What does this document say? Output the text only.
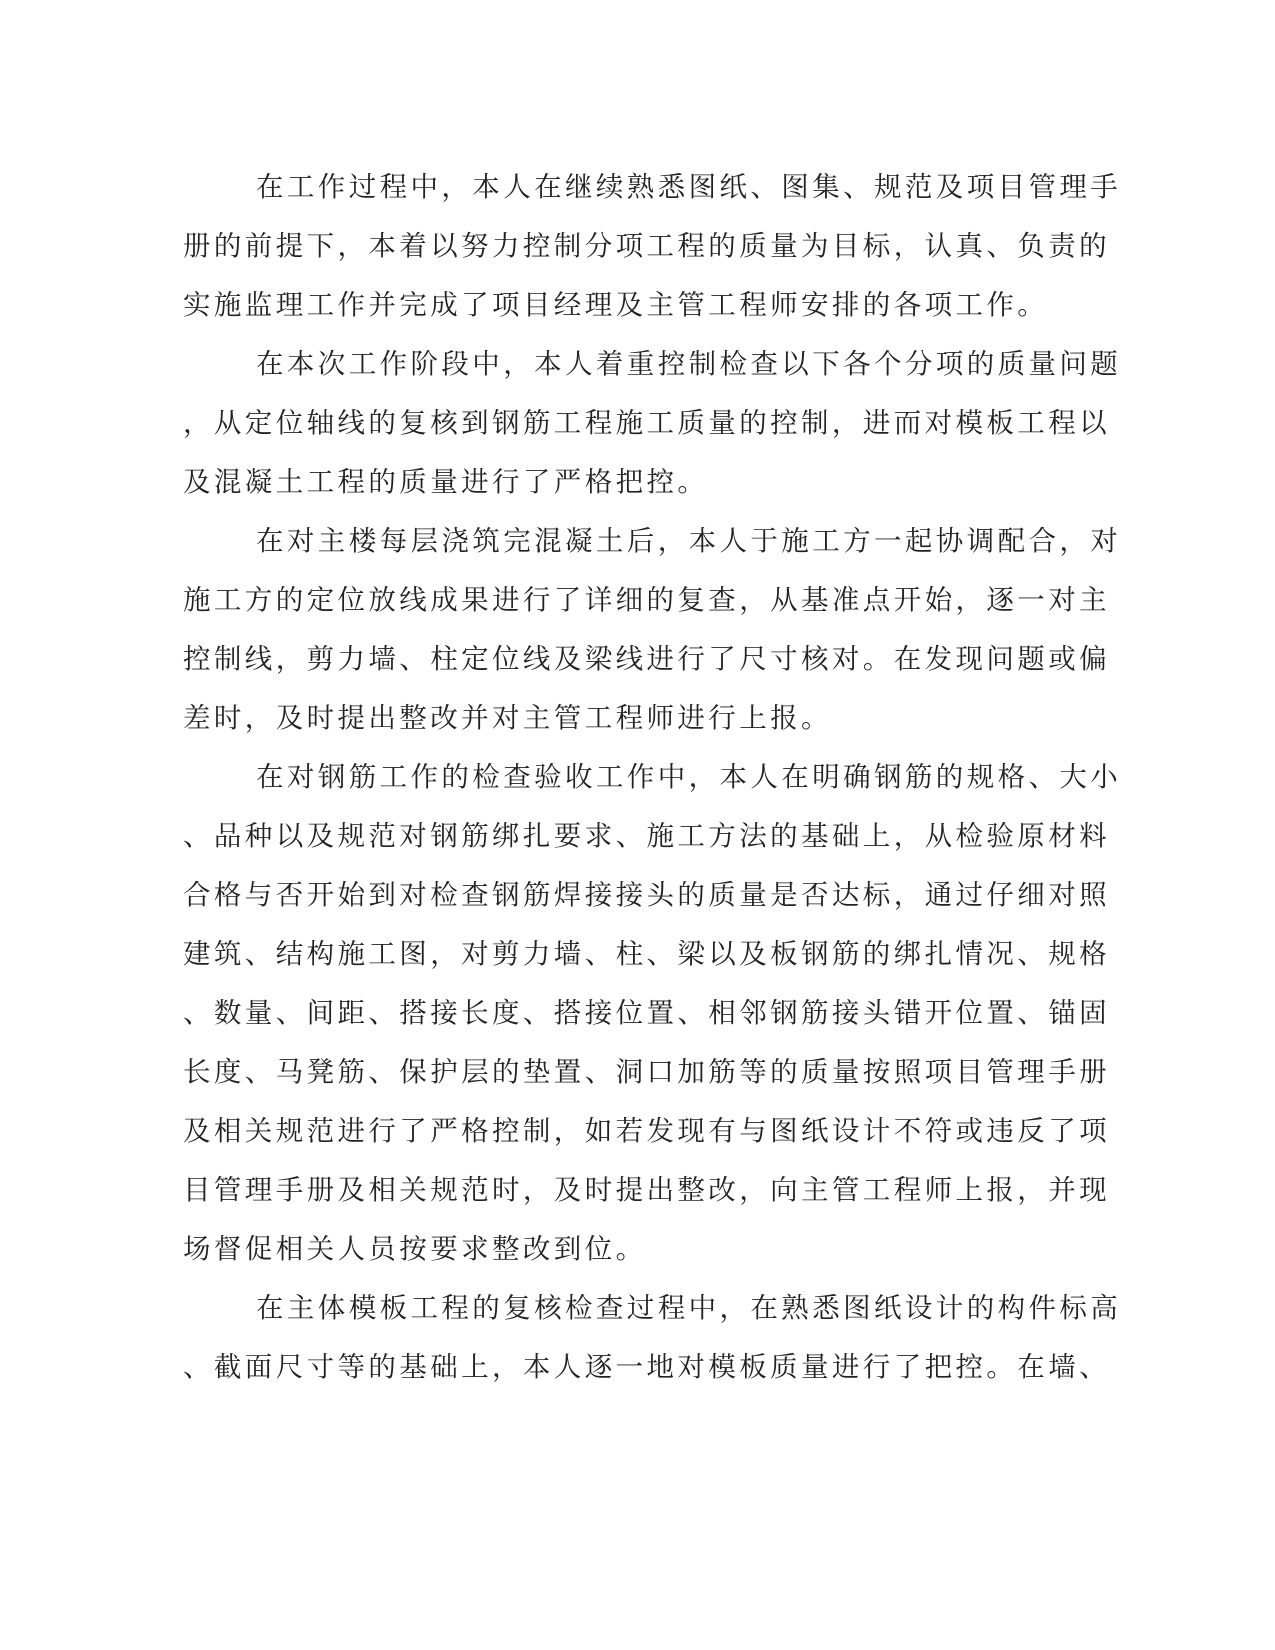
在工作过程中，本人在继续熟悉图纸、图集、规范及项目管理手
册的前提下，本着以努力控制分项工程的质量为目标，认真、负责的
实施监理工作并完成了项目经理及主管工程师安排的各项工作。
在本次工作阶段中，本人着重控制检查以下各个分项的质量问题
，从定位轴线的复核到钢筋工程施工质量的控制，进而对模板工程以
及混凝土工程的质量进行了严格把控。
在对主楼每层浇筑完混凝土后，本人于施工方一起协调配合，对
施工方的定位放线成果进行了详细的复查，从基准点开始，逐一对主
控制线，剪力墙、柱定位线及梁线进行了尺寸核对。在发现问题或偏
差时，及时提出整改并对主管工程师进行上报。
在对钢筋工作的检查验收工作中，本人在明确钢筋的规格、大小
、品种以及规范对钢筋绑扎要求、施工方法的基础上，从检验原材料
合格与否开始到对检查钢筋焊接接头的质量是否达标，通过仔细对照
建筑、结构施工图，对剪力墙、柱、梁以及板钢筋的绑扎情况、规格
、数量、间距、搭接长度、搭接位置、相邻钢筋接头错开位置、锚固
长度、马凳筋、保护层的垫置、洞口加筋等的质量按照项目管理手册
及相关规范进行了严格控制，如若发现有与图纸设计不符或违反了项
目管理手册及相关规范时，及时提出整改，向主管工程师上报，并现
场督促相关人员按要求整改到位。
在主体模板工程的复核检查过程中，在熟悉图纸设计的构件标高
、截面尺寸等的基础上，本人逐一地对模板质量进行了把控。在墙、
